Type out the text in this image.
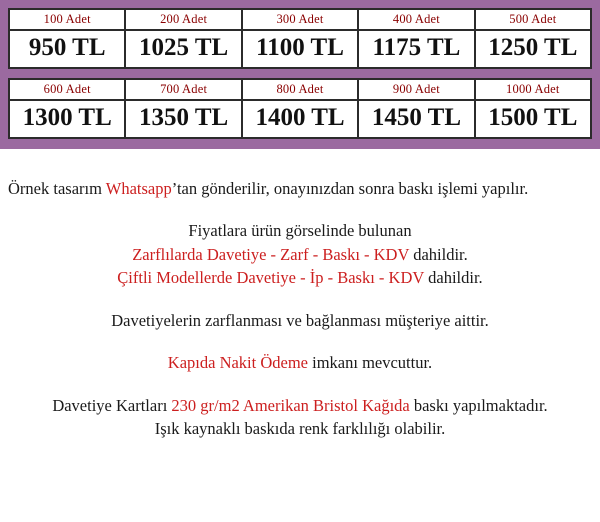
100 Adet
950 TL
200 Adet
1025 TL
300 Adet
1100 TL
400 Adet
1175 TL
500 Adet
1250 TL
600 Adet
1300 TL
700 Adet
1350 TL
800 Adet
1400 TL
900 Adet
1450 TL
1000 Adet
1500 TL
Örnek tasarım Whatsapp’tan gönderilir, onayınızdan sonra baskı işlemi yapılır.
Fiyatlara ürün görselinde bulunan
Zarflılarda Davetiye - Zarf - Baskı - KDV dahildir.
Çiftli Modellerde Davetiye - İp - Baskı - KDV dahildir.
Davetiyelerin zarflanması ve bağlanması müşteriye aittir.
Kapıda Nakit Ödeme imkanı mevcuttur.
Davetiye Kartları 230 gr/m2 Amerikan Bristol Kağıda baskı yapılmaktadır.
Işık kaynaklı baskıda renk farklılığı olabilir.
